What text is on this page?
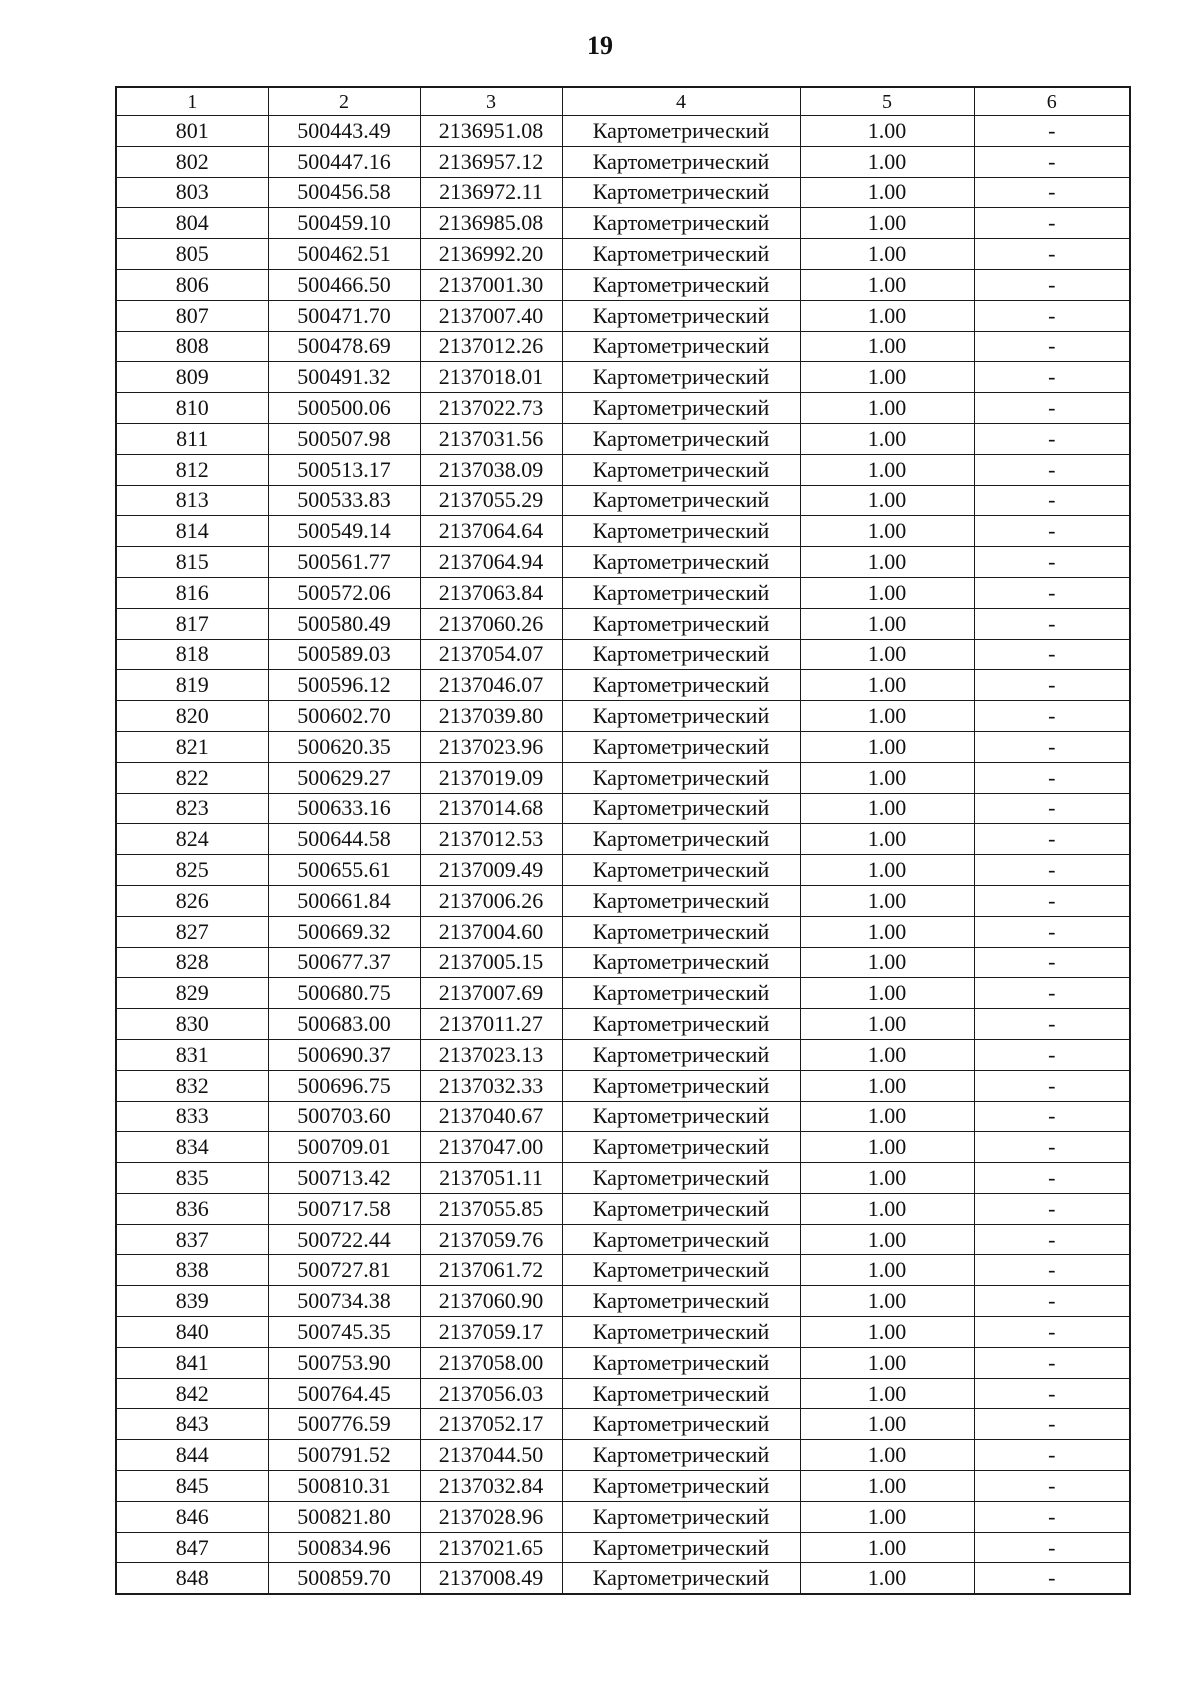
19
1	2	3	4	5	6
801	500443.49	2136951.08	Картометрический	1.00	-
802	500447.16	2136957.12	Картометрический	1.00	-
803	500456.58	2136972.11	Картометрический	1.00	-
804	500459.10	2136985.08	Картометрический	1.00	-
805	500462.51	2136992.20	Картометрический	1.00	-
806	500466.50	2137001.30	Картометрический	1.00	-
807	500471.70	2137007.40	Картометрический	1.00	-
808	500478.69	2137012.26	Картометрический	1.00	-
809	500491.32	2137018.01	Картометрический	1.00	-
810	500500.06	2137022.73	Картометрический	1.00	-
811	500507.98	2137031.56	Картометрический	1.00	-
812	500513.17	2137038.09	Картометрический	1.00	-
813	500533.83	2137055.29	Картометрический	1.00	-
814	500549.14	2137064.64	Картометрический	1.00	-
815	500561.77	2137064.94	Картометрический	1.00	-
816	500572.06	2137063.84	Картометрический	1.00	-
817	500580.49	2137060.26	Картометрический	1.00	-
818	500589.03	2137054.07	Картометрический	1.00	-
819	500596.12	2137046.07	Картометрический	1.00	-
820	500602.70	2137039.80	Картометрический	1.00	-
821	500620.35	2137023.96	Картометрический	1.00	-
822	500629.27	2137019.09	Картометрический	1.00	-
823	500633.16	2137014.68	Картометрический	1.00	-
824	500644.58	2137012.53	Картометрический	1.00	-
825	500655.61	2137009.49	Картометрический	1.00	-
826	500661.84	2137006.26	Картометрический	1.00	-
827	500669.32	2137004.60	Картометрический	1.00	-
828	500677.37	2137005.15	Картометрический	1.00	-
829	500680.75	2137007.69	Картометрический	1.00	-
830	500683.00	2137011.27	Картометрический	1.00	-
831	500690.37	2137023.13	Картометрический	1.00	-
832	500696.75	2137032.33	Картометрический	1.00	-
833	500703.60	2137040.67	Картометрический	1.00	-
834	500709.01	2137047.00	Картометрический	1.00	-
835	500713.42	2137051.11	Картометрический	1.00	-
836	500717.58	2137055.85	Картометрический	1.00	-
837	500722.44	2137059.76	Картометрический	1.00	-
838	500727.81	2137061.72	Картометрический	1.00	-
839	500734.38	2137060.90	Картометрический	1.00	-
840	500745.35	2137059.17	Картометрический	1.00	-
841	500753.90	2137058.00	Картометрический	1.00	-
842	500764.45	2137056.03	Картометрический	1.00	-
843	500776.59	2137052.17	Картометрический	1.00	-
844	500791.52	2137044.50	Картометрический	1.00	-
845	500810.31	2137032.84	Картометрический	1.00	-
846	500821.80	2137028.96	Картометрический	1.00	-
847	500834.96	2137021.65	Картометрический	1.00	-
848	500859.70	2137008.49	Картометрический	1.00	-
